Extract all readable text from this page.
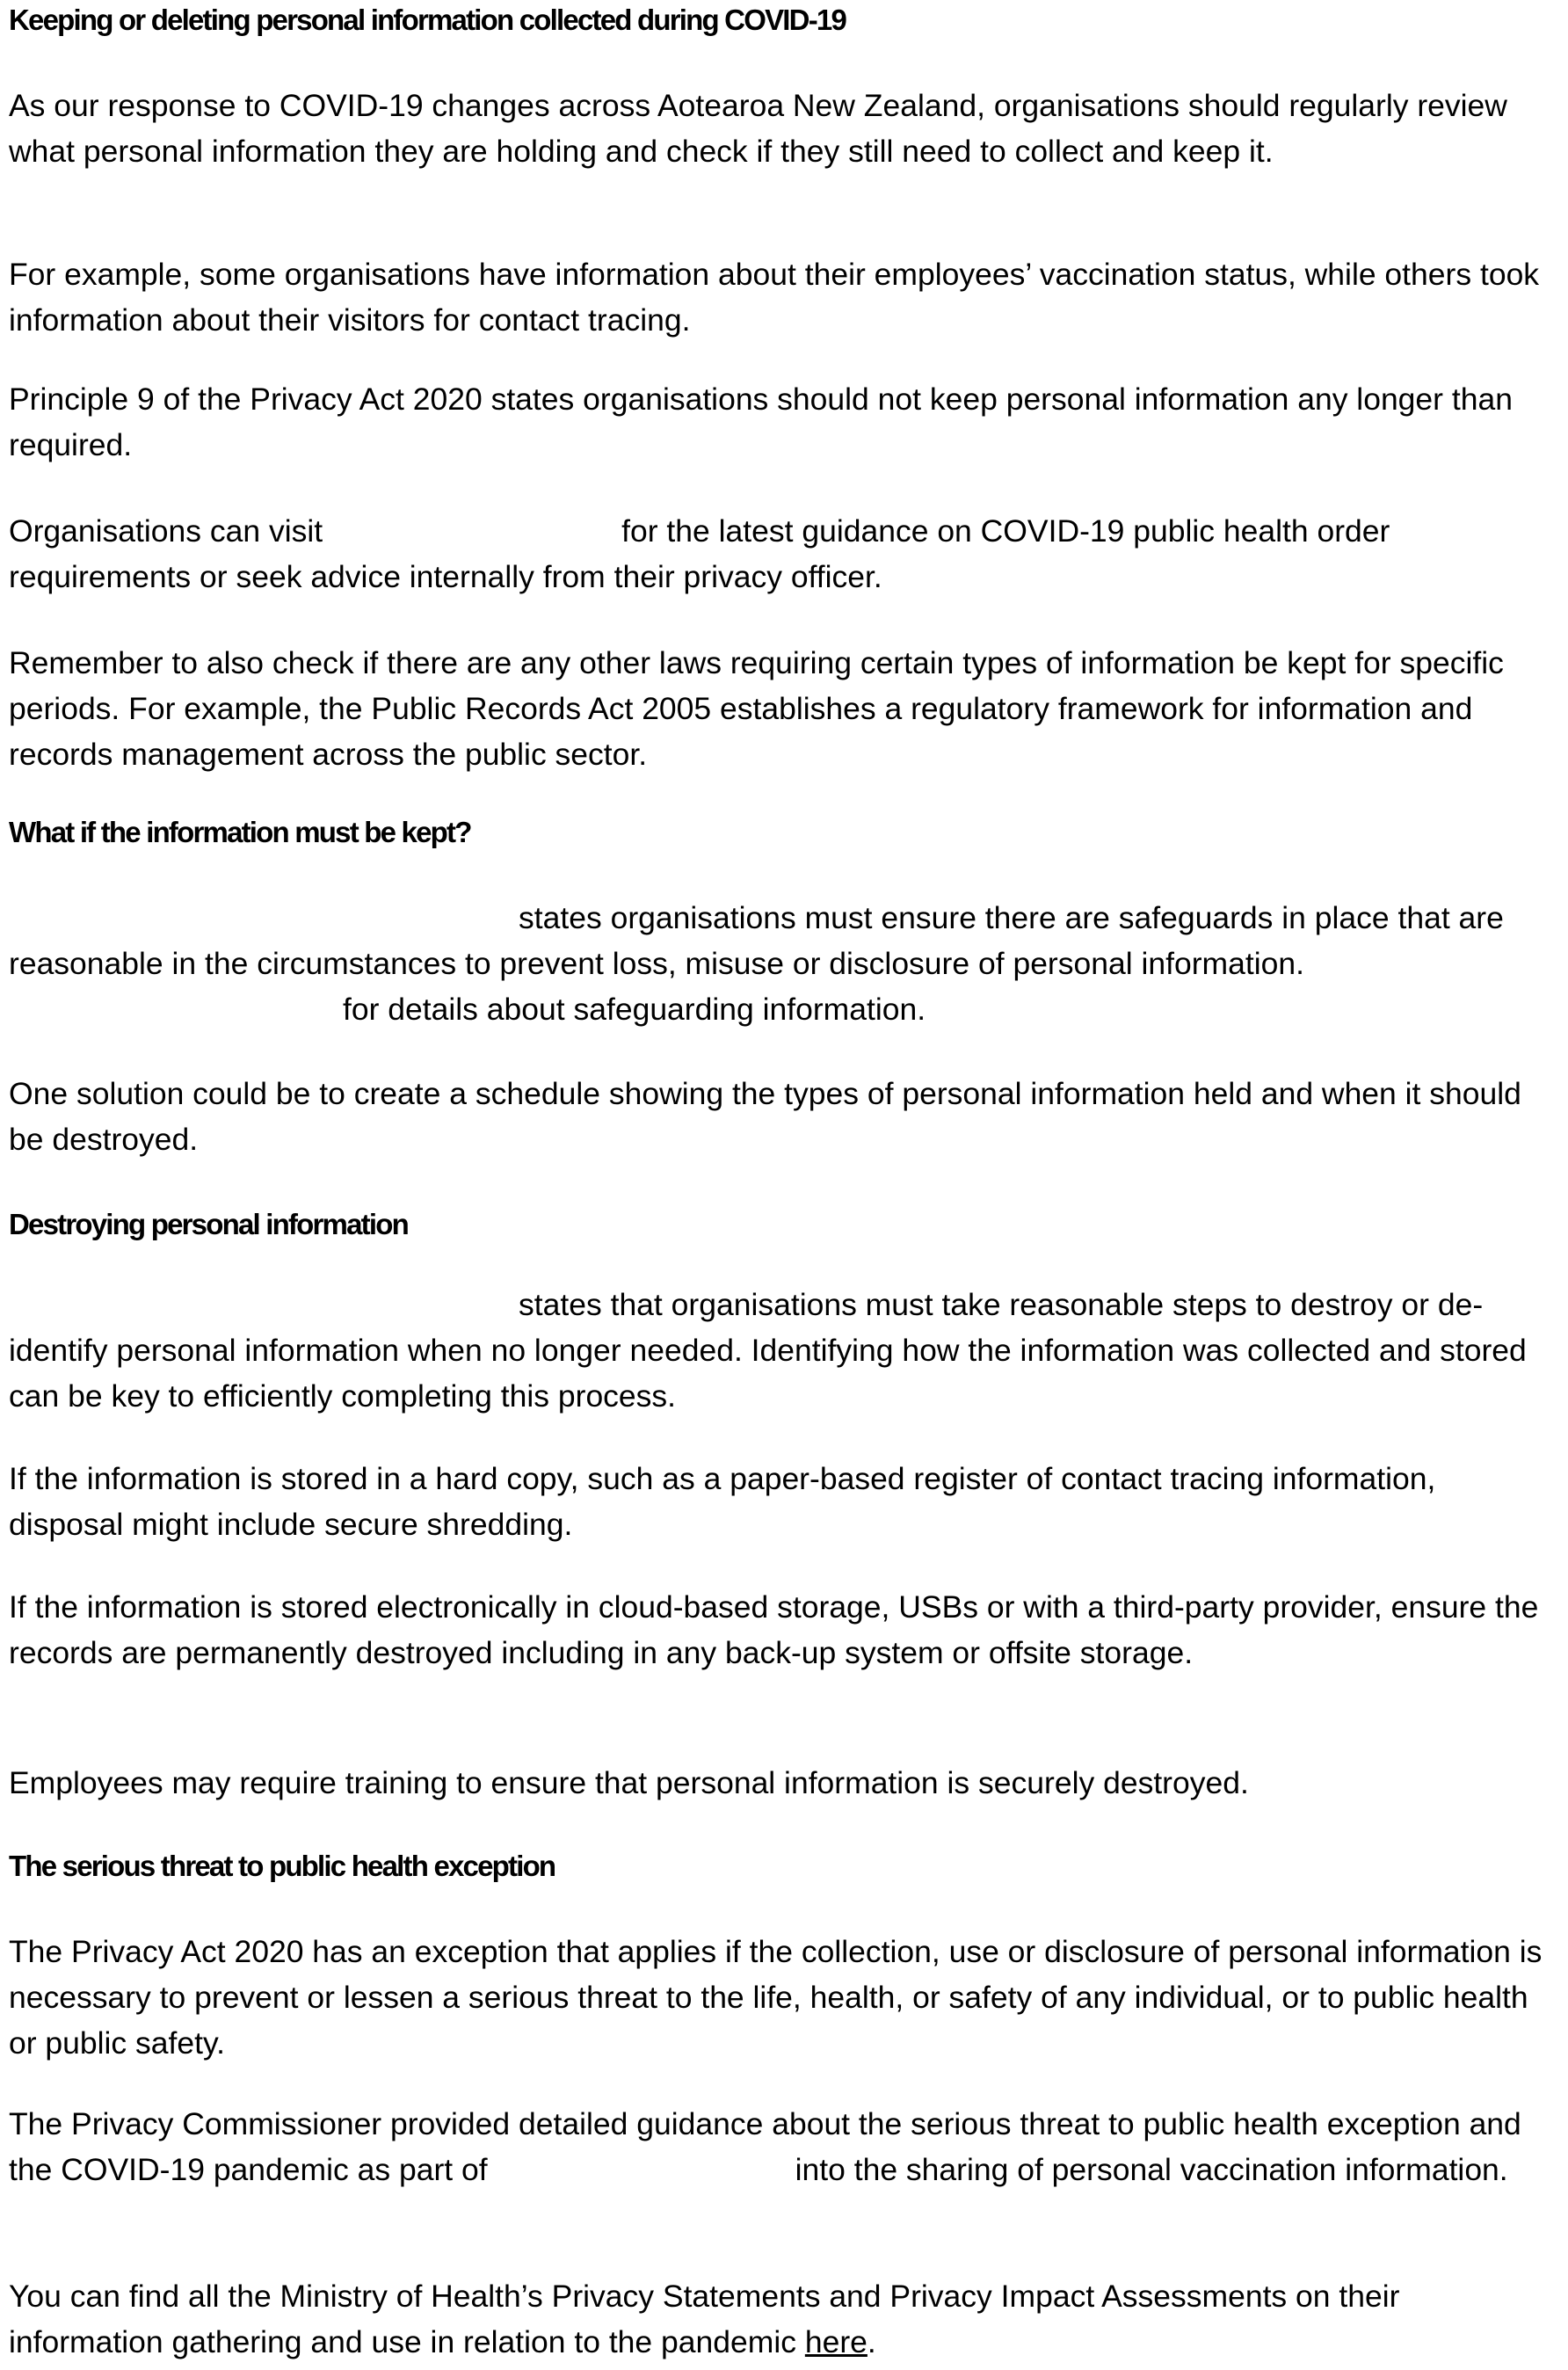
Keeping or deleting personal information collected during COVID-19

As our response to COVID-19 changes across Aotearoa New Zealand, organisations should regularly review what personal information they are holding and check if they still need to collect and keep it.

For example, some organisations have information about their employees’ vaccination status, while others took information about their visitors for contact tracing.

Principle 9 of the Privacy Act 2020 states organisations should not keep personal information any longer than required.

Organisations can visit	for the latest guidance on COVID-19 public health order requirements or seek advice internally from their privacy officer.

Remember to also check if there are any other laws requiring certain types of information be kept for specific periods. For example, the Public Records Act 2005 establishes a regulatory framework for information and records management across the public sector.

What if the information must be kept?

states organisations must ensure there are safeguards in place that are reasonable in the circumstances to prevent loss, misuse or disclosure of personal information.for details about safeguarding information.

One solution could be to create a schedule showing the types of personal information held and when it should be destroyed.

Destroying personal information

states that organisations must take reasonable steps to destroy or de-identify personal information when no longer needed. Identifying how the information was collected and stored can be key to efficiently completing this process.

If the information is stored in a hard copy, such as a paper-based register of contact tracing information, disposal might include secure shredding.

If the information is stored electronically in cloud-based storage, USBs or with a third-party provider, ensure the records are permanently destroyed including in any back-up system or offsite storage.

Employees may require training to ensure that personal information is securely destroyed.

The serious threat to public health exception

The Privacy Act 2020 has an exception that applies if the collection, use or disclosure of personal information is necessary to prevent or lessen a serious threat to the life, health, or safety of any individual, or to public health or public safety.

The Privacy Commissioner provided detailed guidance about the serious threat to public health exception and the COVID-19 pandemic as part of	into the sharing of personal vaccination information.

You can find all the Ministry of Health’s Privacy Statements and Privacy Impact Assessments on their information gathering and use in relation to the pandemic here.
